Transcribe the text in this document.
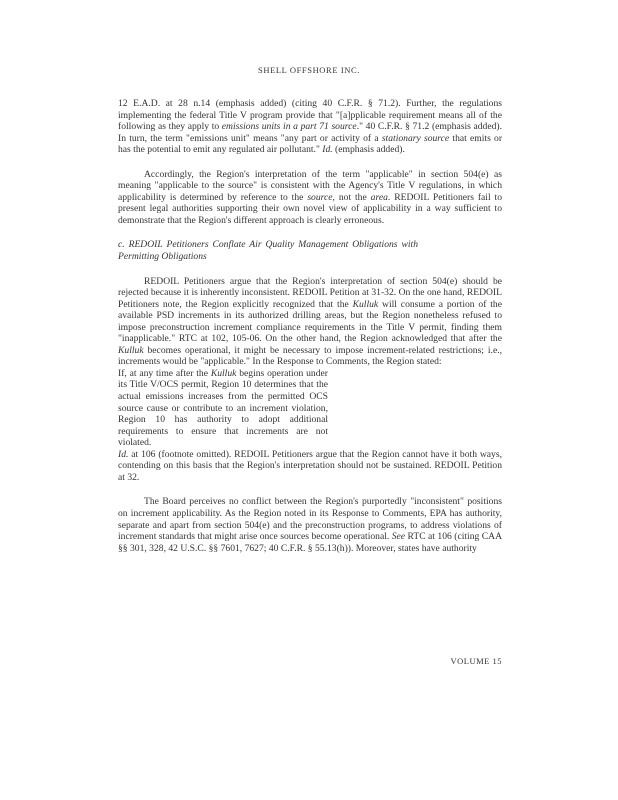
SHELL OFFSHORE INC.

12 E.A.D. at 28 n.14 (emphasis added) (citing 40 C.F.R. § 71.2). Further, the regulations implementing the federal Title V program provide that "[a]pplicable requirement means all of the following as they apply to emissions units in a part 71 source." 40 C.F.R. § 71.2 (emphasis added). In turn, the term "emissions unit" means "any part or activity of a stationary source that emits or has the potential to emit any regulated air pollutant." Id. (emphasis added).

Accordingly, the Region's interpretation of the term "applicable" in section 504(e) as meaning "applicable to the source" is consistent with the Agency's Title V regulations, in which applicability is determined by reference to the source, not the area. REDOIL Petitioners fail to present legal authorities supporting their own novel view of applicability in a way sufficient to demonstrate that the Region's different approach is clearly erroneous.

c. REDOIL Petitioners Conflate Air Quality Management Obligations with Permitting Obligations

REDOIL Petitioners argue that the Region's interpretation of section 504(e) should be rejected because it is inherently inconsistent. REDOIL Petition at 31-32. On the one hand, REDOIL Petitioners note, the Region explicitly recognized that the Kulluk will consume a portion of the available PSD increments in its authorized drilling areas, but the Region nonetheless refused to impose preconstruction increment compliance requirements in the Title V permit, finding them "inapplicable." RTC at 102, 105-06. On the other hand, the Region acknowledged that after the Kulluk becomes operational, it might be necessary to impose increment-related restrictions; i.e., increments would be "applicable." In the Response to Comments, the Region stated:

If, at any time after the Kulluk begins operation under its Title V/OCS permit, Region 10 determines that the actual emissions increases from the permitted OCS source cause or contribute to an increment violation, Region 10 has authority to adopt additional requirements to ensure that increments are not violated.

Id. at 106 (footnote omitted). REDOIL Petitioners argue that the Region cannot have it both ways, contending on this basis that the Region's interpretation should not be sustained. REDOIL Petition at 32.

The Board perceives no conflict between the Region's purportedly "inconsistent" positions on increment applicability. As the Region noted in its Response to Comments, EPA has authority, separate and apart from section 504(e) and the preconstruction programs, to address violations of increment standards that might arise once sources become operational. See RTC at 106 (citing CAA §§ 301, 328, 42 U.S.C. §§ 7601, 7627; 40 C.F.R. § 55.13(h)). Moreover, states have authority

VOLUME 15
